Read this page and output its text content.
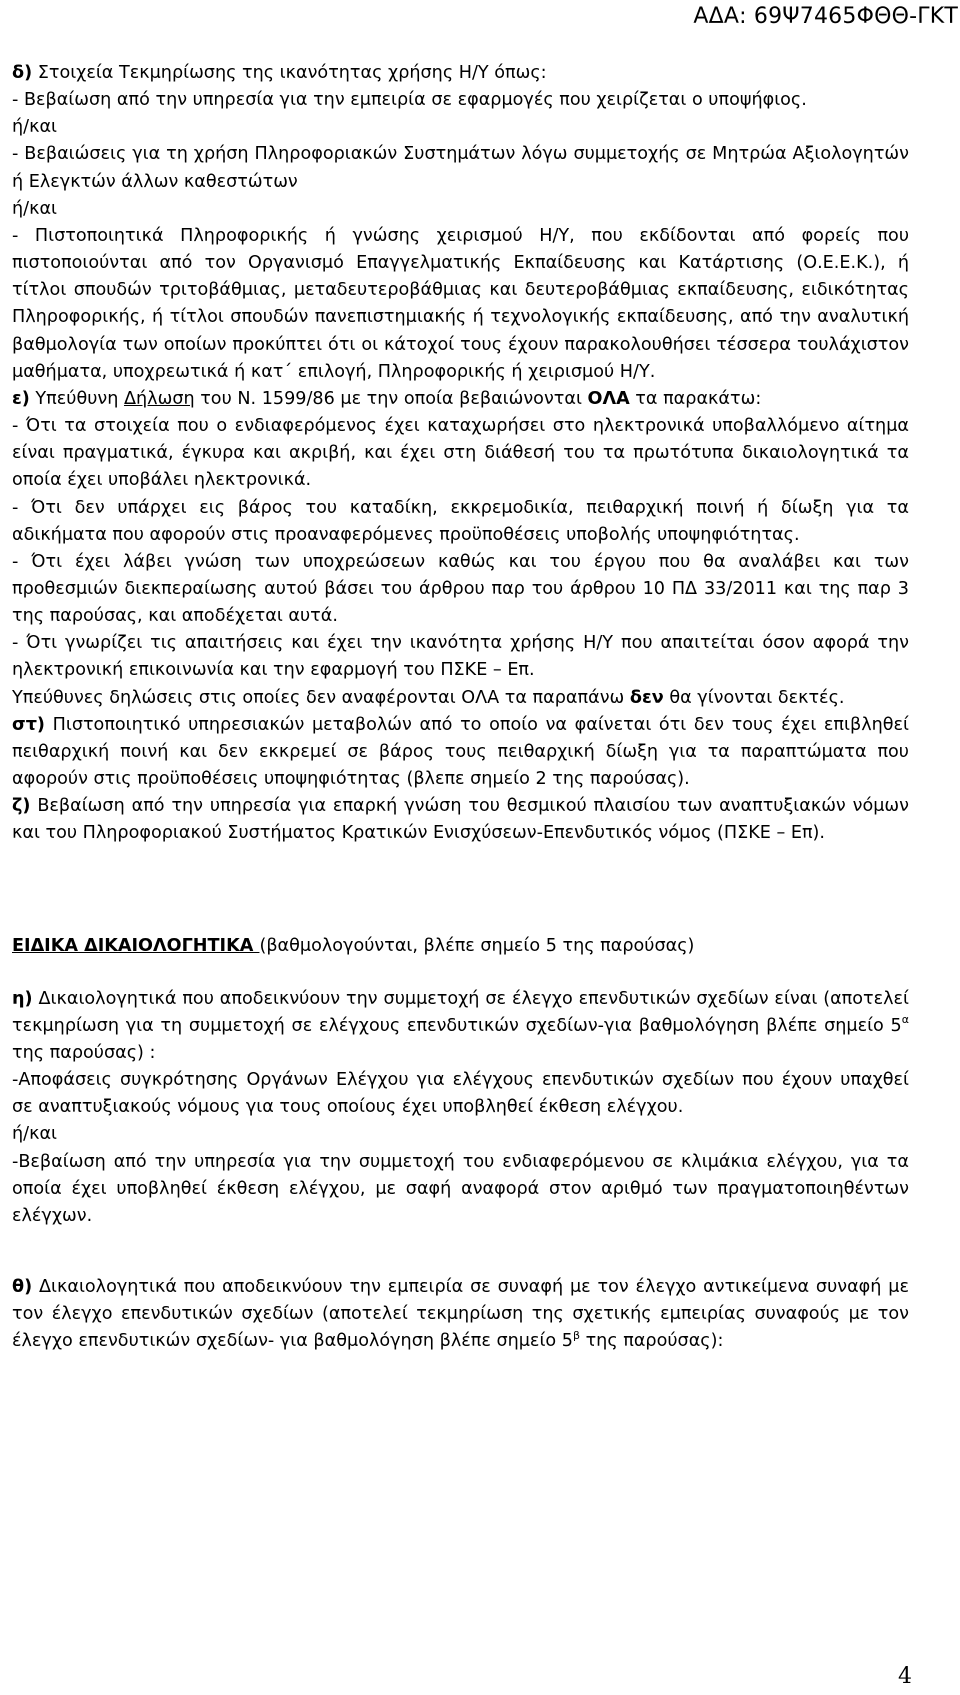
ΑΔΑ: 69Ψ7465ΦΘΘ-ΓΚΤ

δ) Στοιχεία Τεκμηρίωσης της ικανότητας χρήσης Η/Υ όπως:

- Βεβαίωση από την υπηρεσία για την εμπειρία σε εφαρμογές που χειρίζεται ο υποψήφιος.

ή/και

- Βεβαιώσεις για τη χρήση Πληροφοριακών Συστημάτων λόγω συμμετοχής σε Μητρώα Αξιολογητών ή Ελεγκτών άλλων καθεστώτων

ή/και

- Πιστοποιητικά Πληροφορικής ή γνώσης χειρισμού Η/Υ, που εκδίδονται από φορείς που πιστοποιούνται από τον Οργανισμό Επαγγελματικής Εκπαίδευσης και Κατάρτισης (Ο.Ε.Ε.Κ.), ή τίτλοι σπουδών τριτοβάθμιας, μεταδευτεροβάθμιας και δευτεροβάθμιας εκπαίδευσης, ειδικότητας Πληροφορικής, ή τίτλοι σπουδών πανεπιστημιακής ή τεχνολογικής εκπαίδευσης, από την αναλυτική βαθμολογία των οποίων προκύπτει ότι οι κάτοχοί τους έχουν παρακολουθήσει τέσσερα τουλάχιστον μαθήματα, υποχρεωτικά ή κατ΄ επιλογή, Πληροφορικής ή χειρισμού Η/Υ.

ε) Υπεύθυνη Δήλωση του Ν. 1599/86 με την οποία βεβαιώνονται ΟΛΑ τα παρακάτω:

- Ότι τα στοιχεία που ο ενδιαφερόμενος έχει καταχωρήσει στο ηλεκτρονικά υποβαλλόμενο αίτημα είναι πραγματικά, έγκυρα και ακριβή, και έχει στη διάθεσή του τα πρωτότυπα δικαιολογητικά τα οποία έχει υποβάλει ηλεκτρονικά.

- Ότι δεν υπάρχει εις βάρος του καταδίκη, εκκρεμοδικία, πειθαρχική ποινή ή δίωξη για τα αδικήματα που αφορούν στις προαναφερόμενες προϋποθέσεις υποβολής υποψηφιότητας.

- Ότι έχει λάβει γνώση των υποχρεώσεων καθώς και του έργου που θα αναλάβει και των προθεσμιών διεκπεραίωσης αυτού βάσει του άρθρου παρ του άρθρου 10 ΠΔ 33/2011 και της παρ 3 της παρούσας, και αποδέχεται αυτά.

- Ότι γνωρίζει τις απαιτήσεις και έχει την ικανότητα χρήσης Η/Υ που απαιτείται όσον αφορά την ηλεκτρονική επικοινωνία και την εφαρμογή του ΠΣΚΕ – Επ.

Υπεύθυνες δηλώσεις στις οποίες δεν αναφέρονται ΟΛΑ τα παραπάνω δεν θα γίνονται δεκτές.

στ) Πιστοποιητικό υπηρεσιακών μεταβολών από το οποίο να φαίνεται ότι δεν τους έχει επιβληθεί πειθαρχική ποινή και δεν εκκρεμεί σε βάρος τους πειθαρχική δίωξη για τα παραπτώματα που αφορούν στις προϋποθέσεις υποψηφιότητας (βλεπε σημείο 2 της παρούσας).

ζ) Βεβαίωση από την υπηρεσία για επαρκή γνώση του θεσμικού πλαισίου των αναπτυξιακών νόμων και του Πληροφοριακού Συστήματος Κρατικών Ενισχύσεων-Επενδυτικός νόμος (ΠΣΚΕ – Επ).

ΕΙΔΙΚΑ ΔΙΚΑΙΟΛΟΓΗΤΙΚΑ (βαθμολογούνται, βλέπε σημείο 5 της παρούσας)

η) Δικαιολογητικά που αποδεικνύουν την συμμετοχή σε έλεγχο επενδυτικών σχεδίων είναι (αποτελεί τεκμηρίωση για τη συμμετοχή σε ελέγχους επενδυτικών σχεδίων-για βαθμολόγηση βλέπε σημείο $5^\alpha$ της παρούσας) :

-Αποφάσεις συγκρότησης Οργάνων Ελέγχου για ελέγχους επενδυτικών σχεδίων που έχουν υπαχθεί σε αναπτυξιακούς νόμους για τους οποίους έχει υποβληθεί έκθεση ελέγχου.

ή/και

-Βεβαίωση από την υπηρεσία για την συμμετοχή του ενδιαφερόμενου σε κλιμάκια ελέγχου, για τα οποία έχει υποβληθεί έκθεση ελέγχου, με σαφή αναφορά στον αριθμό των πραγματοποιηθέντων ελέγχων.

θ) Δικαιολογητικά που αποδεικνύουν την εμπειρία σε συναφή με τον έλεγχο αντικείμενα συναφή με τον έλεγχο επενδυτικών σχεδίων (αποτελεί τεκμηρίωση της σχετικής εμπειρίας συναφούς με τον έλεγχο επενδυτικών σχεδίων- για βαθμολόγηση βλέπε σημείο $5^\beta$ της παρούσας):

4
